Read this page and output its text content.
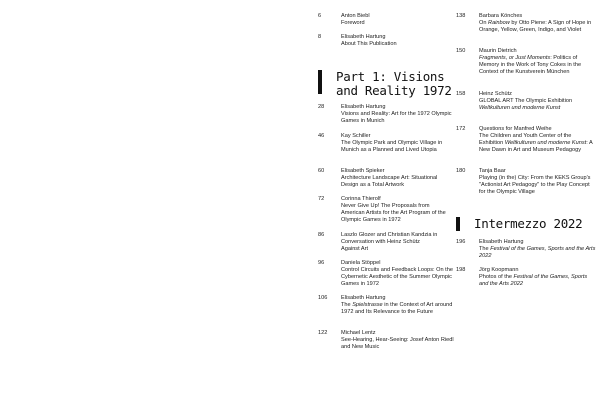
6	Anton Biebl
Foreword
8	Elisabeth Hartung
About This Publication
Part 1: Visions
and Reality 1972
28	Elisabeth Hartung
Visions and Reality: Art for the 1972 Olympic Games in Munich
46	Kay Schiller
The Olympic Park and Olympic Village in Munich as a Planned and Lived Utopia
60	Elisabeth Spieker
Architecture Landscape Art: Situational Design as a Total Artwork
72	Corinna Thierolf
Never Give Up! The Proposals from American Artists for the Art Program of the Olympic Games in 1972
86	Laszlo Glozer and Christian Kandzia in Conversation with Heinz Schütz
Against Art
96	Daniela Stöppel
Control Circuits and Feedback Loops: On the Cybernetic Aesthetic of the Summer Olympic Games in 1972
106 Elisabeth Hartung
The Spielstrasse in the Context of Art around 1972 and Its Relevance to the Future
122 Michael Lentz
See-Hearing, Hear-Seeing: Josef Anton Riedl and New Music
138 Barbara Könches
On Rainbow by Otto Piene: A Sign of Hope in Orange, Yellow, Green, Indigo, and Violet
150 Maurin Dietrich
Fragments, or Just Moments: Politics of Memory in the Work of Tony Cokes in the Context of the Kunstverein München
158 Heinz Schütz
GLOBAL ART The Olympic Exhibition Weltkulturen und moderne Kunst
172 Questions for Manfred Weihe
The Children and Youth Center of the Exhibition Weltkulturen und moderne Kunst: A New Dawn in Art and Museum Pedagogy
180 Tanja Baar
Playing (in the) City: From the KEKS Group's "Actionist Art Pedagogy" to the Play Concept for the Olympic Village
Intermezzo 2022
196 Elisabeth Hartung
The Festival of the Games, Sports and the Arts 2022
198 Jörg Koopmann
Photos of the Festival of the Games, Sports and the Arts 2022
